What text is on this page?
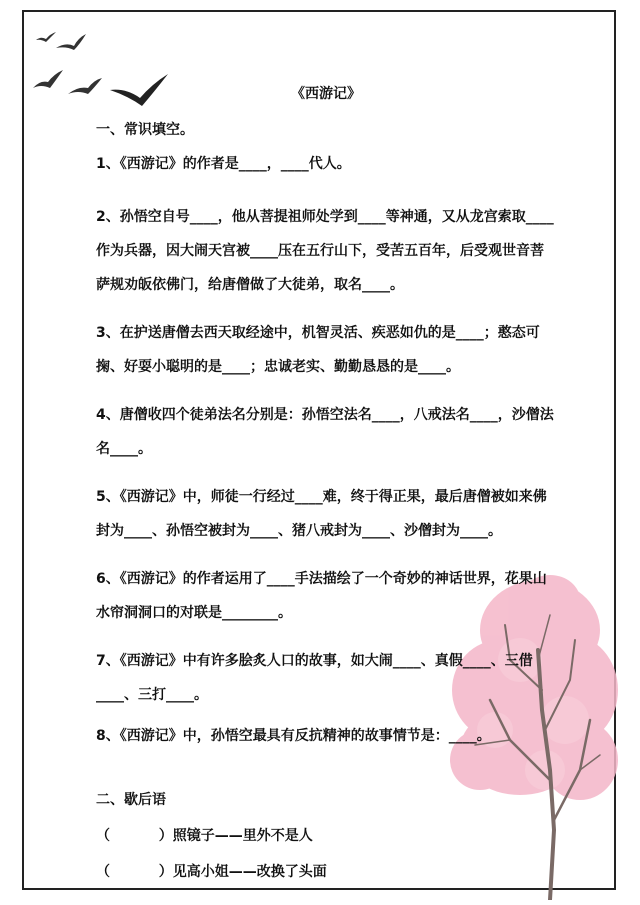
《西游记》
一、常识填空。
1、《西游记》的作者是____，____代人。
2、孙悟空自号____，他从菩提祖师处学到____等神通，又从龙宫索取____作为兵器，因大闹天宫被____压在五行山下，受苦五百年，后受观世音菩萨规劝皈依佛门，给唐僧做了大徒弟，取名____。
3、在护送唐僧去西天取经途中，机智灵活、疾恶如仇的是____；憨态可掬、好耍小聪明的是____；忠诚老实、勤勤恳恳的是____。
4、唐僧收四个徒弟法名分别是：孙悟空法名____，八戒法名____，沙僧法名____。
5、《西游记》中，师徒一行经过____难，终于得正果，最后唐僧被如来佛封为____、孙悟空被封为____、猪八戒封为____、沙僧封为____。
6、《西游记》的作者运用了____手法描绘了一个奇妙的神话世界，花果山水帘洞洞口的对联是________。
7、《西游记》中有许多脍炙人口的故事，如大闹____、真假____、三借____、三打____。
8、《西游记》中，孙悟空最具有反抗精神的故事情节是：____。
二、歇后语
（          ）照镜子——里外不是人
（          ）见高小姐——改换了头面
